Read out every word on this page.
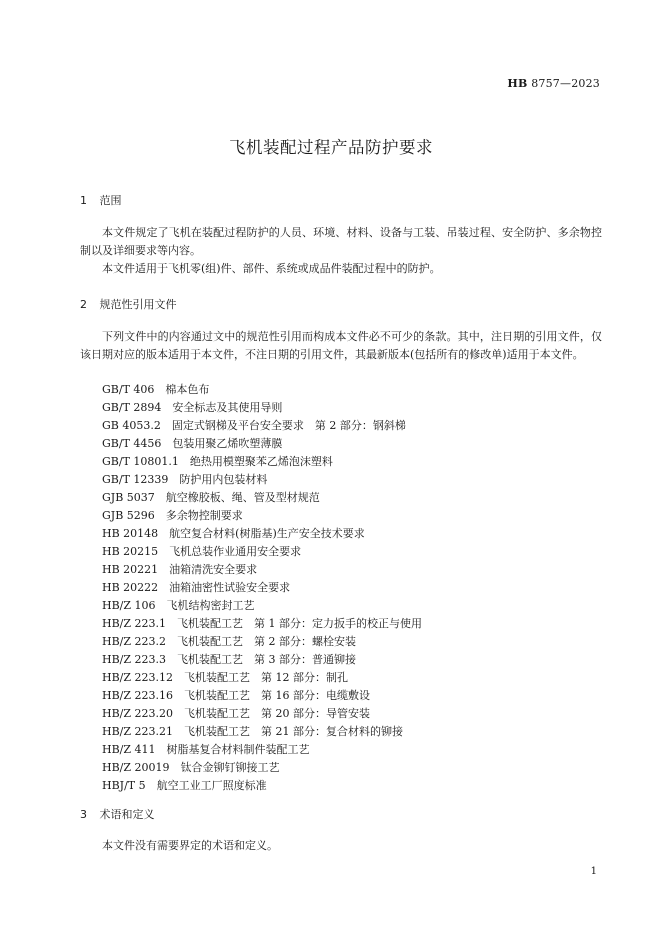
HB 8757—2023
飞机装配过程产品防护要求
1 范围
本文件规定了飞机在装配过程防护的人员、环境、材料、设备与工装、吊装过程、安全防护、多余物控制以及详细要求等内容。
本文件适用于飞机零(组)件、部件、系统或成品件装配过程中的防护。
2 规范性引用文件
下列文件中的内容通过文中的规范性引用而构成本文件必不可少的条款。其中，注日期的引用文件，仅该日期对应的版本适用于本文件，不注日期的引用文件，其最新版本(包括所有的修改单)适用于本文件。
GB/T 406 棉本色布
GB/T 2894 安全标志及其使用导则
GB 4053.2 固定式钢梯及平台安全要求　第 2 部分：钢斜梯
GB/T 4456 包装用聚乙烯吹塑薄膜
GB/T 10801.1 绝热用模塑聚苯乙烯泡沫塑料
GB/T 12339 防护用内包装材料
GJB 5037 航空橡胶板、绳、管及型材规范
GJB 5296 多余物控制要求
HB 20148 航空复合材料(树脂基)生产安全技术要求
HB 20215 飞机总装作业通用安全要求
HB 20221 油箱清洗安全要求
HB 20222 油箱油密性试验安全要求
HB/Z 106 飞机结构密封工艺
HB/Z 223.1 飞机装配工艺　第 1 部分：定力扳手的校正与使用
HB/Z 223.2 飞机装配工艺　第 2 部分：螺栓安装
HB/Z 223.3 飞机装配工艺　第 3 部分：普通铆接
HB/Z 223.12 飞机装配工艺　第 12 部分：制孔
HB/Z 223.16 飞机装配工艺　第 16 部分：电缆敷设
HB/Z 223.20 飞机装配工艺　第 20 部分：导管安装
HB/Z 223.21 飞机装配工艺　第 21 部分：复合材料的铆接
HB/Z 411 树脂基复合材料制件装配工艺
HB/Z 20019 钛合金铆钉铆接工艺
HBJ/T 5 航空工业工厂照度标准
3 术语和定义
本文件没有需要界定的术语和定义。
1
